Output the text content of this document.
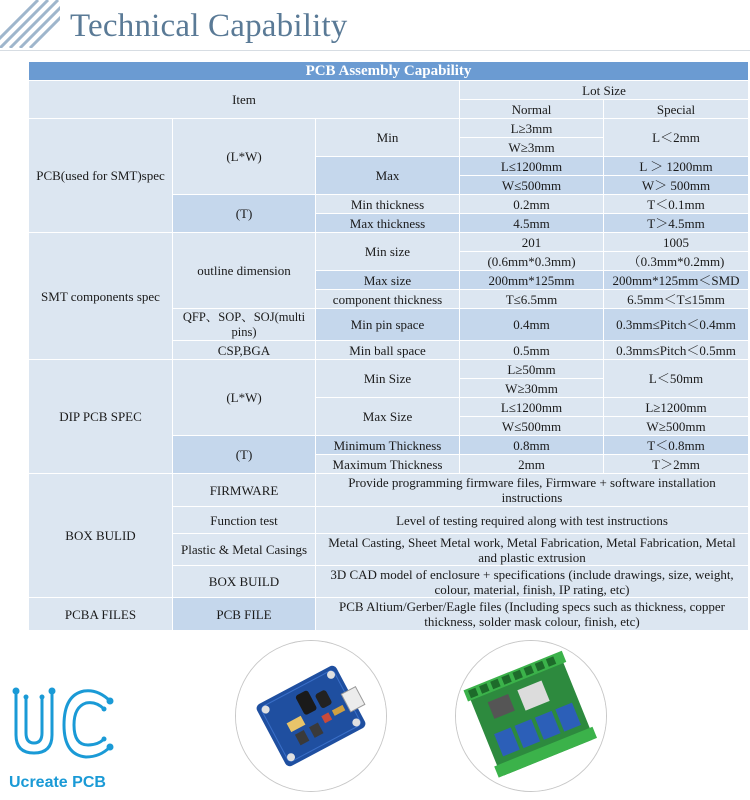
Technical Capability
PCB Assembly Capability				
Item			Lot Size	
			Normal	Special
PCB(used for SMT)spec	(L*W)	Min	L≥3mm	L＜2mm
			W≥3mm	
		Max	L≤1200mm	L ＞ 1200mm
			W≤500mm	W＞ 500mm
	(T)	Min thickness	0.2mm	T＜0.1mm
		Max thickness	4.5mm	T＞4.5mm
SMT components spec	outline dimension	Min size	201	1005
			(0.6mm*0.3mm)	（0.3mm*0.2mm)
		Max size	200mm*125mm	200mm*125mm＜SMD
		component thickness	T≤6.5mm	6.5mm＜T≤15mm
	QFP、SOP、SOJ(multi pins)	Min pin space	0.4mm	0.3mm≤Pitch＜0.4mm
	CSP,BGA	Min ball space	0.5mm	0.3mm≤Pitch＜0.5mm

DIP PCB SPEC	(L*W)	Min Size	L≥50mm	L＜50mm
			W≥30mm	
		Max Size	L≤1200mm	L≥1200mm
			W≤500mm	W≥500mm
	(T)	Minimum Thickness	0.8mm	T＜0.8mm
		Maximum Thickness	2mm	T＞2mm
BOX BULID	FIRMWARE	Provide programming firmware files, Firmware + software installation instructions		
	Function test	Level of testing required along with test instructions		
	Plastic & Metal Casings	Metal Casting, Sheet Metal work, Metal Fabrication, Metal Fabrication, Metal and plastic extrusion		
	BOX BUILD	3D CAD model of enclosure + specifications (include drawings, size, weight, colour, material, finish, IP rating, etc)		
PCBA FILES	PCB FILE	PCB Altium/Gerber/Eagle files (Including specs such as thickness, copper thickness, solder mask colour, finish, etc)		
Ucreate PCB
